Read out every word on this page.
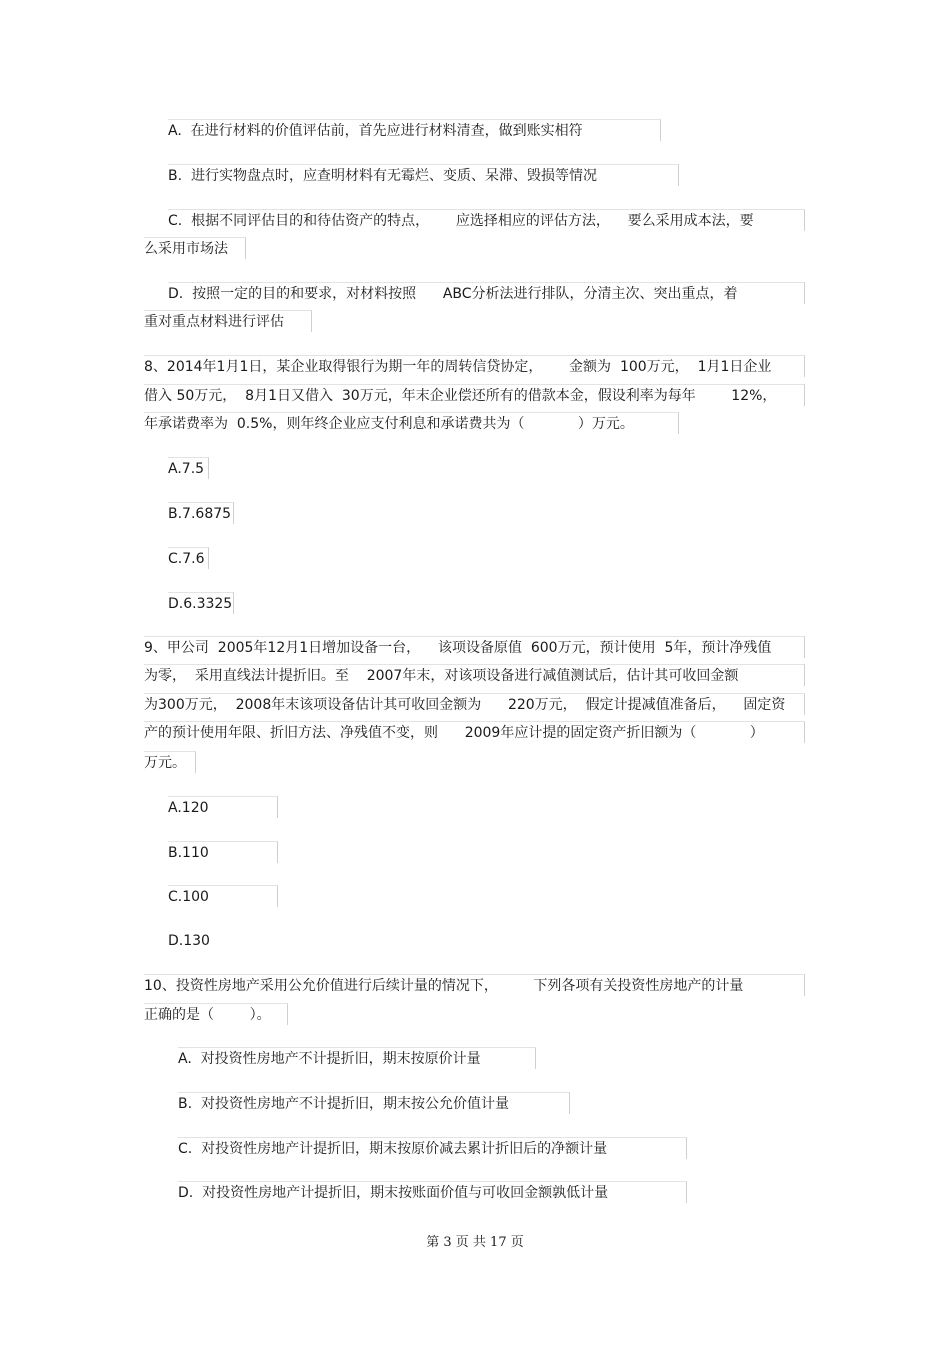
A.  在进行材料的价值评估前，首先应进行材料清查，做到账实相符
B.  进行实物盘点时，应查明材料有无霉烂、变质、呆滞、毁损等情况
C.  根据不同评估目的和待估资产的特点，      应选择相应的评估方法，    要么采用成本法，要
么采用市场法
D.  按照一定的目的和要求，对材料按照      ABC分析法进行排队，分清主次、突出重点，着
重对重点材料进行评估
8、2014年1月1日，某企业取得银行为期一年的周转信贷协定，      金额为  100万元，  1月1日企业
借入 50万元，  8月1日又借入  30万元，年末企业偿还所有的借款本金，假设利率为每年        12%，
年承诺费率为  0.5%，则年终企业应支付利息和承诺费共为（            ）万元。
A.7.5
B.7.6875
C.7.6
D.6.3325
9、甲公司  2005年12月1日增加设备一台，    该项设备原值  600万元，预计使用  5年，预计净残值
为零，  采用直线法计提折旧。至    2007年末，对该项设备进行减值测试后，估计其可收回金额
为300万元，  2008年末该项设备估计其可收回金额为      220万元，  假定计提减值准备后，    固定资
产的预计使用年限、折旧方法、净残值不变，则      2009年应计提的固定资产折旧额为（            ）
万元。
A.120
B.110
C.100
D.130
10、投资性房地产采用公允价值进行后续计量的情况下，        下列各项有关投资性房地产的计量
正确的是（        ）。
A.  对投资性房地产不计提折旧，期末按原价计量
B.  对投资性房地产不计提折旧，期末按公允价值计量
C.  对投资性房地产计提折旧，期末按原价减去累计折旧后的净额计量
D.  对投资性房地产计提折旧，期末按账面价值与可收回金额孰低计量
第 3 页 共 17 页
